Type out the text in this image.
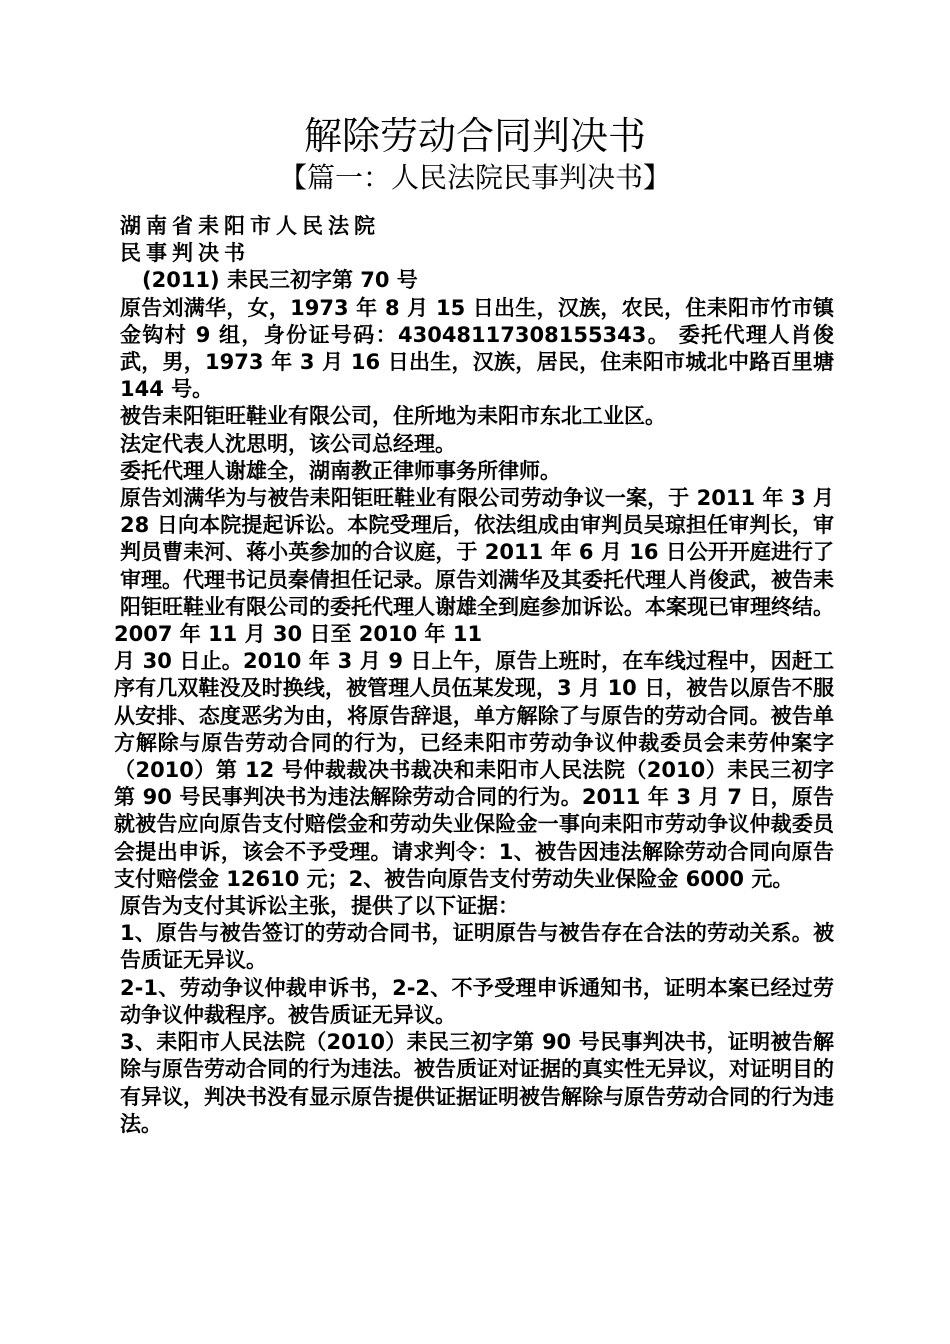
解除劳动合同判决书
【篇一：人民法院民事判决书】

湖南省耒阳市人民法院

民事判决书

(2011) 耒民三初字第 70 号

原告刘满华，女，1973 年 8 月 15 日出生，汉族，农民，住耒阳市竹市镇金钩村 9 组，身份证号码：43048117308155343。 委托代理人肖俊武，男，1973 年 3 月 16 日出生，汉族，居民，住耒阳市城北中路百里塘 144 号。

被告耒阳钜旺鞋业有限公司，住所地为耒阳市东北工业区。

法定代表人沈思明，该公司总经理。

委托代理人谢雄全，湖南教正律师事务所律师。

原告刘满华为与被告耒阳钜旺鞋业有限公司劳动争议一案，于 2011 年 3 月 28 日向本院提起诉讼。本院受理后，依法组成由审判员吴琼担任审判长，审判员曹耒河、蒋小英参加的合议庭，于 2011 年 6 月 16 日公开开庭进行了审理。代理书记员秦倩担任记录。原告刘满华及其委托代理人肖俊武，被告耒阳钜旺鞋业有限公司的委托代理人谢雄全到庭参加诉讼。本案现已审理终结。

2007 年 11 月 30 日至 2010 年 11

月 30 日止。2010 年 3 月 9 日上午，原告上班时，在车线过程中，因赶工序有几双鞋没及时换线，被管理人员伍某发现，3 月 10 日，被告以原告不服从安排、态度恶劣为由，将原告辞退，单方解除了与原告的劳动合同。被告单方解除与原告劳动合同的行为，已经耒阳市劳动争议仲裁委员会耒劳仲案字（2010）第 12 号仲裁裁决书裁决和耒阳市人民法院（2010）耒民三初字第 90 号民事判决书为违法解除劳动合同的行为。2011 年 3 月 7 日，原告就被告应向原告支付赔偿金和劳动失业保险金一事向耒阳市劳动争议仲裁委员会提出申诉，该会不予受理。请求判令：1、被告因违法解除劳动合同向原告支付赔偿金 12610 元；2、被告向原告支付劳动失业保险金 6000 元。

原告为支付其诉讼主张，提供了以下证据：

1、原告与被告签订的劳动合同书，证明原告与被告存在合法的劳动关系。被告质证无异议。

2-1、劳动争议仲裁申诉书，2-2、不予受理申诉通知书，证明本案已经过劳动争议仲裁程序。被告质证无异议。

3、耒阳市人民法院（2010）耒民三初字第 90 号民事判决书，证明被告解除与原告劳动合同的行为违法。被告质证对证据的真实性无异议，对证明目的有异议，判决书没有显示原告提供证据证明被告解除与原告劳动合同的行为违法。
